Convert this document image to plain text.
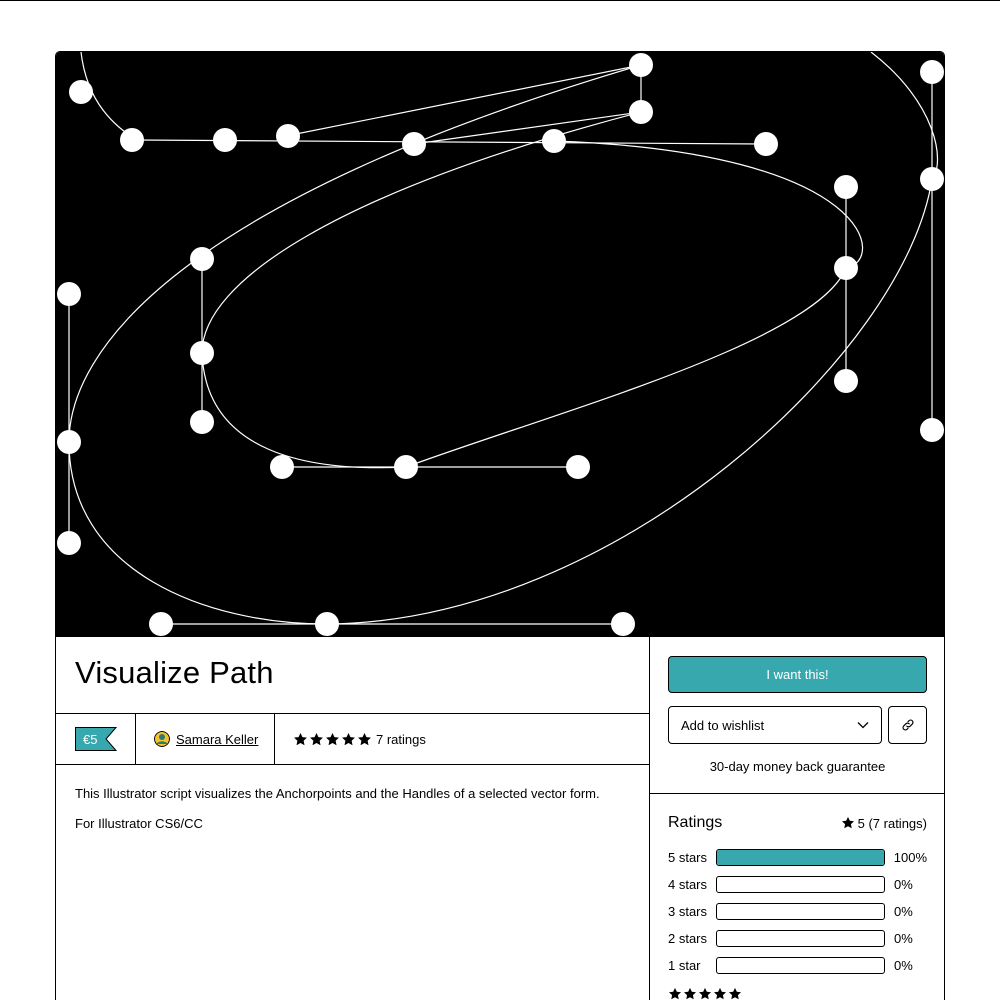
Visualize Path
€5	Samara Keller	7 ratings

This Illustrator script visualizes the Anchorpoints and the Handles of a selected vector form.

For Illustrator CS6/CC

I want this!
Add to wishlist
30-day money back guarantee
Ratings	5 (7 ratings)
5 stars	100%
4 stars	0%
3 stars	0%
2 stars	0%
1 star	0%
